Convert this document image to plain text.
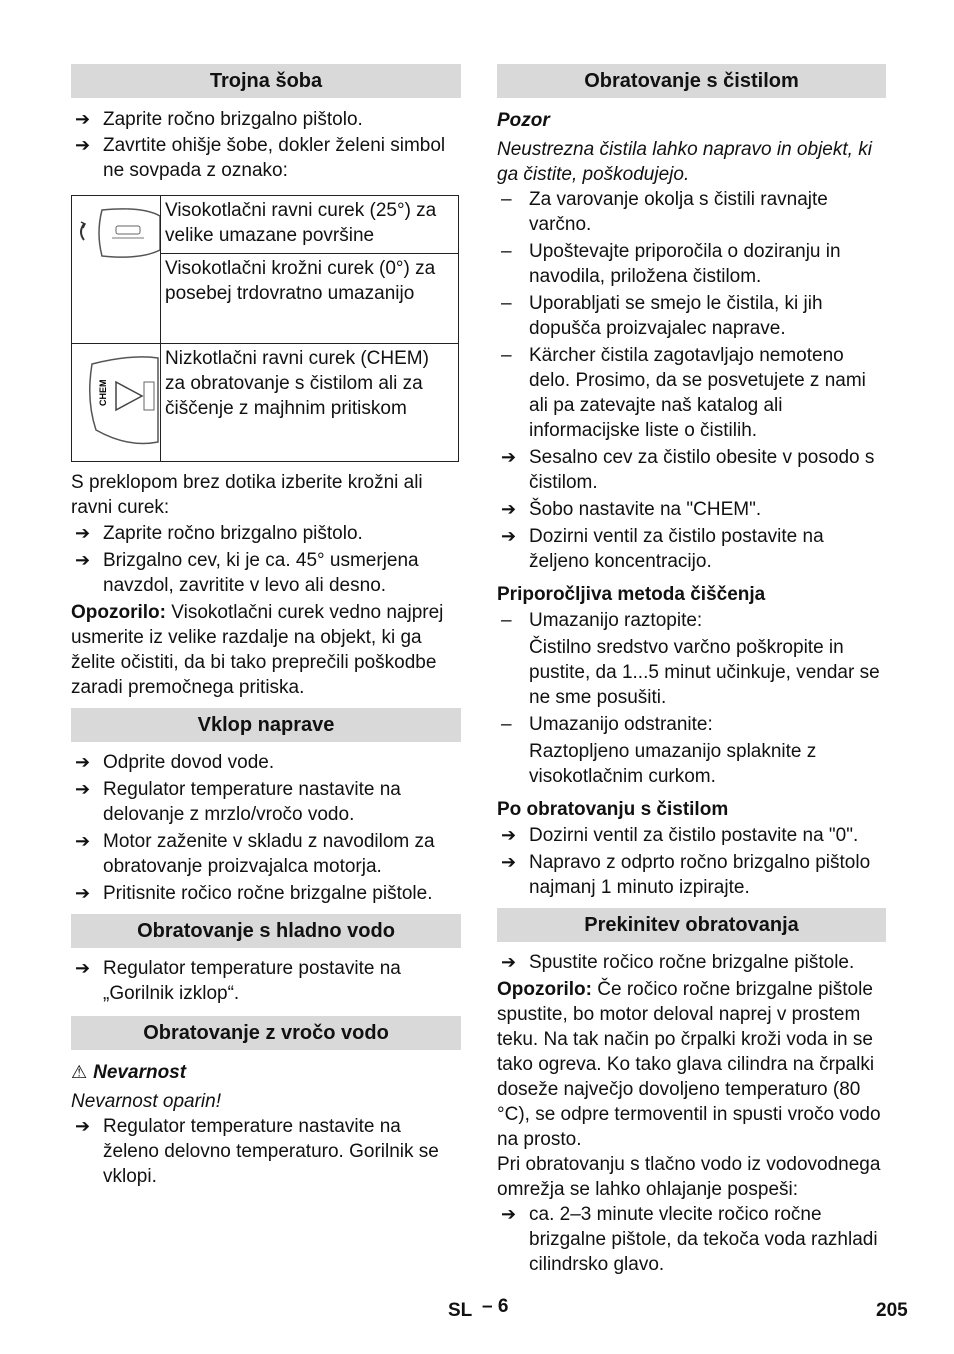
Trojna šoba

➔ Zaprite ročno brizgalno pištolo.

➔ Zavrtite ohišje šobe, dokler želeni simbol ne sovpada z oznako:

	Visokotlačni ravni curek (25°) za velike umazane površine
	Visokotlačni krožni curek (0°) za posebej trdovratno umazanijo

CHEM	Nizkotlačni ravni curek (CHEM) za obratovanje s čistilom ali za čiščenje z majhnim pritiskom

S preklopom brez dotika izberite krožni ali ravni curek:

➔ Zaprite ročno brizgalno pištolo.

➔ Brizgalno cev, ki je ca. 45° usmerjena navzdol, zavritite v levo ali desno.

Opozorilo: Visokotlačni curek vedno najprej usmerite iz velike razdalje na objekt, ki ga želite očistiti, da bi tako preprečili poškodbe zaradi premočnega pritiska.

Vklop naprave

➔ Odprite dovod vode.

➔ Regulator temperature nastavite na delovanje z mrzlo/vročo vodo.

➔ Motor zaženite v skladu z navodilom za obratovanje proizvajalca motorja.

➔ Pritisnite ročico ročne brizgalne pištole.

Obratovanje s hladno vodo

➔ Regulator temperature postavite na „Gorilnik izklop“.

Obratovanje z vročo vodo

⚠ Nevarnost

Nevarnost oparin!

➔ Regulator temperature nastavite na želeno delovno temperaturo. Gorilnik se vklopi.

Obratovanje s čistilom

Pozor

Neustrezna čistila lahko napravo in objekt, ki ga čistite, poškodujejo.

– Za varovanje okolja s čistili ravnajte varčno.

– Upoštevajte priporočila o doziranju in navodila, priložena čistilom.

– Uporabljati se smejo le čistila, ki jih dopušča proizvajalec naprave.

– Kärcher čistila zagotavljajo nemoteno delo. Prosimo, da se posvetujete z nami ali pa zatevajte naš katalog ali informacijske liste o čistilih.

➔ Sesalno cev za čistilo obesite v posodo s čistilom.

➔ Šobo nastavite na "CHEM".

➔ Dozirni ventil za čistilo postavite na željeno koncentracijo.

Priporočljiva metoda čiščenja

– Umazanijo raztopite:

Čistilno sredstvo varčno poškropite in pustite, da 1...5 minut učinkuje, vendar se ne sme posušiti.

– Umazanijo odstranite:

Raztopljeno umazanijo splaknite z visokotlačnim curkom.

Po obratovanju s čistilom

➔ Dozirni ventil za čistilo postavite na "0".

➔ Napravo z odprto ročno brizgalno pištolo najmanj 1 minuto izpirajte.

Prekinitev obratovanja

➔ Spustite ročico ročne brizgalne pištole.

Opozorilo: Če ročico ročne brizgalne pištole spustite, bo motor deloval naprej v prostem teku. Na tak način po črpalki kroži voda in se tako ogreva. Ko tako glava cilindra na črpalki doseže največjo dovoljeno temperaturo (80 °C), se odpre termoventil in spusti vročo vodo na prosto.

Pri obratovanju s tlačno vodo iz vodovodnega omrežja se lahko ohlajanje pospeši:

➔ ca. 2–3 minute vlecite ročico ročne brizgalne pištole, da tekoča voda razhladi cilindrsko glavo.

SL – 6	205
